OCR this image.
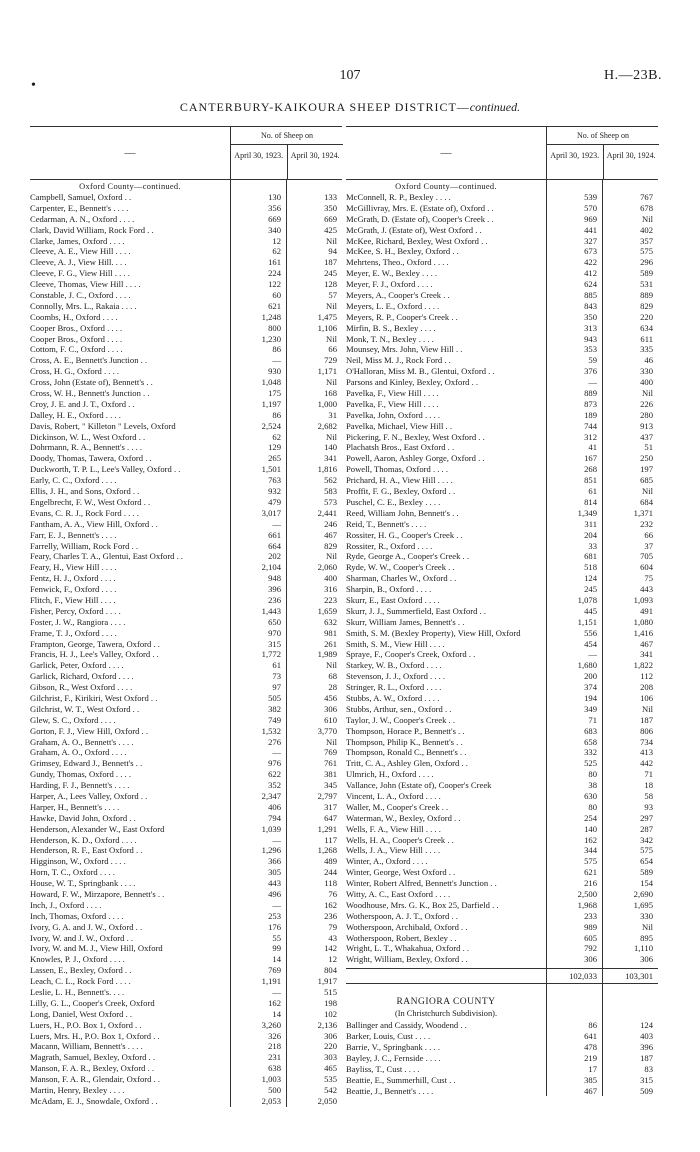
•
107	H.—23B.
CANTERBURY-KAIKOURA SHEEP DISTRICT—continued.
—
No. of Sheep on
April 30, 1923. April 30, 1924.
Oxford County—continued.
Campbell, Samuel, Oxford . .	130	133
Carpenter, E., Bennett's . . . .	356	350
Cedarman, A. N., Oxford . . . .	669	669
Clark, David William, Rock Ford . .	340	425
Clarke, James, Oxford . . . .	12	Nil
Cleeve, A. E., View Hill . . . .	62	94
Cleeve, A. J., View Hill. . . .	161	187
Cleeve, F. G., View Hill . . . .	224	245
Cleeve, Thomas, View Hill . . . .	122	128
Constable, J. C., Oxford . . . .	60	57
Connolly, Mrs. L., Rakaia . . . .	621	Nil
Coombs, H., Oxford . . . .	1,248	1,475
Cooper Bros., Oxford . . . .	800	1,106
Cooper Bros., Oxford . . . .	1,230	Nil
Cottom, F. C., Oxford . . . .	86	66
Cross, A. E., Bennett's Junction . .	—	729
Cross, H. G., Oxford . . . .	930	1,171
Cross, John (Estate of), Bennett's . .	1,048	Nil
Cross, W. H., Bennett's Junction . .	175	168
Croy, J. E. and J. T., Oxford . .	1,197	1,000
Dalley, H. E., Oxford . . . .	86	31
Davis, Robert, " Killeton " Levels, Oxford	2,524	2,682
Dickinson, W. L., West Oxford . .	62	Nil
Dohrmann, R. A., Bennett's . . . .	129	140
Doody, Thomas, Tawera, Oxford . .	265	341
Duckworth, T. P. L., Lee's Valley, Oxford . .	1,501	1,816
Early, C. C., Oxford . . . .	763	562
Ellis, J. H., and Sons, Oxford . .	932	583
Engelbrecht, F. W., West Oxford . .	479	573
Evans, C. R. J., Rock Ford . . . .	3,017	2,441
Fantham, A. A., View Hill, Oxford . .	—	246
Farr, E. J., Bennett's . . . .	661	467
Farrelly, William, Rock Ford . .	664	829
Feary, Charles T. A., Glentui, East Oxford . .	202	Nil
Feary, H., View Hill . . . .	2,104	2,060
Fentz, H. J., Oxford . . . .	948	400
Fenwick, F., Oxford . . . .	396	316
Flitch, F., View Hill . . . .	236	223
Fisher, Percy, Oxford . . . .	1,443	1,659
Foster, J. W., Rangiora . . . .	650	632
Frame, T. J., Oxford . . . .	970	981
Frampton, George, Tawera, Oxford . .	315	261
Francis, H. J., Lee's Valley, Oxford . .	1,772	1,989
Garlick, Peter, Oxford . . . .	61	Nil
Garlick, Richard, Oxford . . . .	73	68
Gibson, R., West Oxford . . . .	97	28
Gilchrist, F., Kirikiri, West Oxford . .	505	456
Gilchrist, W. T., West Oxford . .	382	306
Glew, S. C., Oxford . . . .	749	610
Gorton, F. J., View Hill, Oxford . .	1,532	3,770
Graham, A. O., Bennett's . . . .	276	Nil
Graham, A. O., Oxford . . . .	—	769
Grimsey, Edward J., Bennett's . .	976	761
Gundy, Thomas, Oxford . . . .	622	381
Harding, F. J., Bennett's . . . .	352	345
Harper, A., Lees Valley, Oxford . .	2,347	2,797
Harper, H., Bennett's . . . .	406	317
Hawke, David John, Oxford . .	794	647
Henderson, Alexander W., East Oxford	1,039	1,291
Henderson, K. D., Oxford . . . .	—	117
Henderson, R. F., East Oxford . .	1,296	1,268
Higginson, W., Oxford . . . .	366	489
Horn, T. C., Oxford . . . .	305	244
House, W. T., Springbank . . . .	443	118
Howard, F. W., Mirzapore, Bennett's . .	496	76
Inch, J., Oxford . . . .	—	162
Inch, Thomas, Oxford . . . .	253	236
Ivory, G. A. and J. W., Oxford . .	176	79
Ivory, W. and J. W., Oxford . .	55	43
Ivory, W. and M. J., View Hill, Oxford	99	142
Knowles, P. J., Oxford . . . .	14	12
Lassen, E., Bexley, Oxford . .	769	804
Leach, C. L., Rock Ford . . . .	1,191	1,917
Leslie, L. H., Bennett's. . . .	—	515
Lilly, G. L., Cooper's Creek, Oxford	162	198
Long, Daniel, West Oxford . .	14	102
Luers, H., P.O. Box 1, Oxford . .	3,260	2,136
Luers, Mrs. H., P.O. Box 1, Oxford . .	326	306
Macann, William, Bennett's . . . .	218	220
Magrath, Samuel, Bexley, Oxford . .	231	303
Manson, F. A. R., Bexley, Oxford . .	638	465
Manson, F. A. R., Glendair, Oxford . .	1,003	535
Martin, Henry, Bexley . . . .	500	542
McAdam, E. J., Snowdale, Oxford . .	2,053	2,050
—
No. of Sheep on
April 30, 1923. April 30, 1924.
Oxford County—continued.
McConnell, R. P., Bexley . . . .	539	767
McGillivray, Mrs. E. (Estate of), Oxford . .	570	678
McGrath, D. (Estate of), Cooper's Creek . .	969	Nil
McGrath, J. (Estate of), West Oxford . .	441	402
McKee, Richard, Bexley, West Oxford . .	327	357
McKee, S. H., Bexley, Oxford . .	673	575
Mehrtens, Theo., Oxford . . . .	422	296
Meyer, E. W., Bexley . . . .	412	589
Meyer, F. J., Oxford . . . .	624	531
Meyers, A., Cooper's Creek . .	885	889
Meyers, L. E., Oxford . . . .	843	829
Meyers, R. P., Cooper's Creek . .	350	220
Mirfin, B. S., Bexley . . . .	313	634
Monk, T. N., Bexley . . . .	943	611
Mounsey, Mrs. John, View Hill . .	353	335
Neil, Miss M. J., Rock Ford . .	59	46
O'Halloran, Miss M. B., Glentui, Oxford . .	376	330
Parsons and Kinley, Bexley, Oxford . .	—	400
Pavelka, F., View Hill . . . .	889	Nil
Pavelka, F., View Hill . . . .	873	226
Pavelka, John, Oxford . . . .	189	280
Pavelka, Michael, View Hill . .	744	913
Pickering, F. N., Bexley, West Oxford . .	312	437
Plachatsh Bros., East Oxford . .	41	51
Powell, Aaron, Ashley Gorge, Oxford . .	167	250
Powell, Thomas, Oxford . . . .	268	197
Prichard, H. A., View Hill . . . .	851	685
Proffit, F. G., Bexley, Oxford . .	61	Nil
Puschel, C. E., Bexley . . . .	814	684
Reed, William John, Bennett's . .	1,349	1,371
Reid, T., Bennett's . . . .	311	232
Rossiter, H. G., Cooper's Creek . .	204	66
Rossiter, R., Oxford . . . .	33	37
Ryde, George A., Cooper's Creek . .	681	705
Ryde, W. W., Cooper's Creek . .	518	604
Sharman, Charles W., Oxford . .	124	75
Sharpin, B., Oxford . . . .	245	443
Skurr, E., East Oxford . . . .	1,078	1,093
Skurr, J. J., Summerfield, East Oxford . .	445	491
Skurr, William James, Bennett's . .	1,151	1,080
Smith, S. M. (Bexley Property), View Hill, Oxford	556	1,416
Smith, S. M., View Hill . . . .	454	467
Spraye, F., Cooper's Creek, Oxford . .	—	341
Starkey, W. B., Oxford . . . .	1,680	1,822
Stevenson, J. J., Oxford . . . .	200	112
Stringer, R. L., Oxford . . . .	374	208
Stubbs, A. W., Oxford . . . .	194	106
Stubbs, Arthur, sen., Oxford . .	349	Nil
Taylor, J. W., Cooper's Creek . .	71	187
Thompson, Horace P., Bennett's . .	683	806
Thompson, Philip K., Bennett's . .	658	734
Thompson, Ronald C., Bennett's . .	332	413
Tritt, C. A., Ashley Glen, Oxford . .	525	442
Ulmrich, H., Oxford . . . .	80	71
Vallance, John (Estate of), Cooper's Creek	38	18
Vincent, L. A., Oxford . . . .	630	58
Waller, M., Cooper's Creek . .	80	93
Waterman, W., Bexley, Oxford . .	254	297
Wells, F. A., View Hill . . . .	140	287
Wells, H. A., Cooper's Creek . .	162	342
Wells, J. A., View Hill . . . .	344	575
Winter, A., Oxford . . . .	575	654
Winter, George, West Oxford . .	621	589
Winter, Robert Alfred, Bennett's Junction . .	216	154
Witty, A. C., East Oxford . . . .	2,500	2,690
Woodhouse, Mrs. G. K., Box 25, Darfield . .	1,968	1,695
Wotherspoon, A. J. T., Oxford . .	233	330
Wotherspoon, Archibald, Oxford . .	989	Nil
Wotherspoon, Robert, Bexley . .	605	895
Wright, L. T., Whakahua, Oxford . .	792	1,110
Wright, William, Bexley, Oxford . .	306	306
102,033	103,301
RANGIORA COUNTY
(In Christchurch Subdivision).
Ballinger and Cassidy, Woodend . .	86	124
Barker, Louis, Cust . . . .	641	403
Barrie, V., Springbank . . . .	478	396
Bayley, J. C., Fernside . . . .	219	187
Bayliss, T., Cust . . . .	17	83
Beattie, E., Summerhill, Cust . .	385	315
Beattie, J., Bennett's . . . .	467	509
